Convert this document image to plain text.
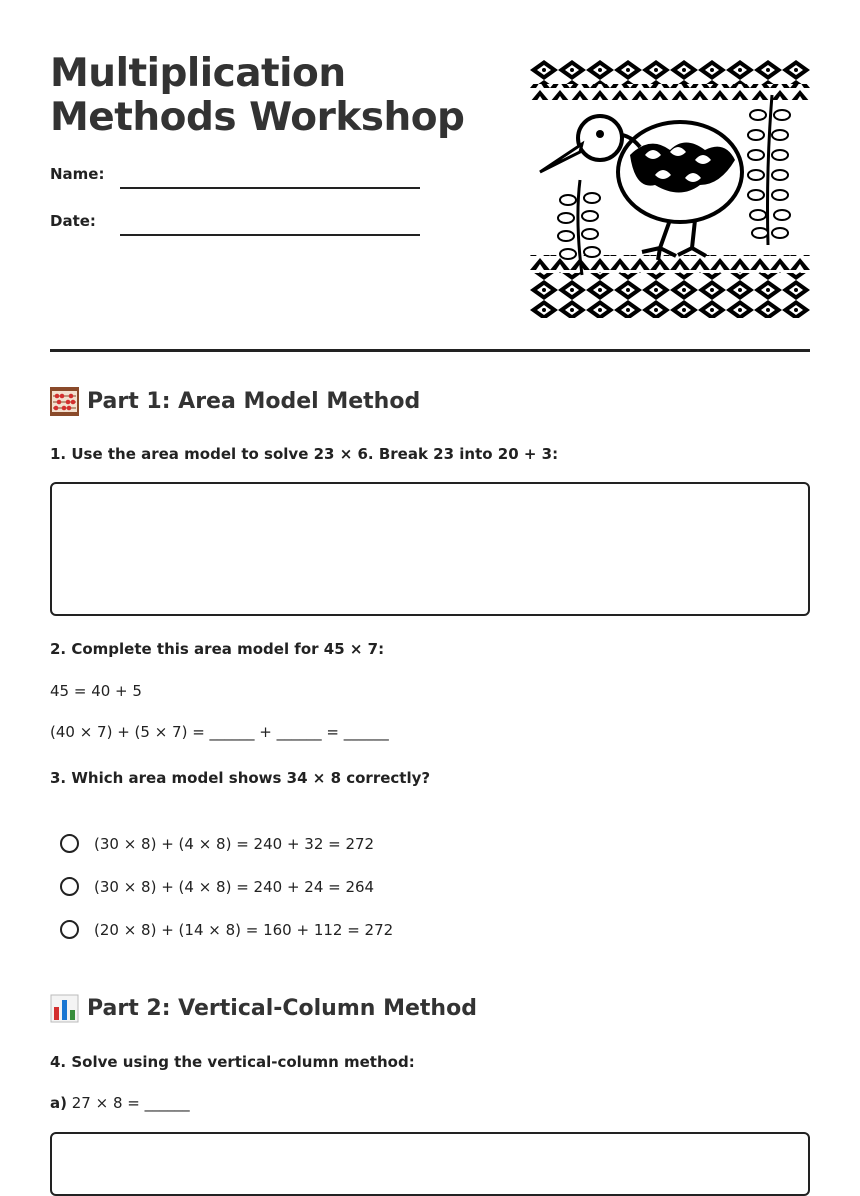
Multiplication Methods Workshop
Name:
Date:
Part 1: Area Model Method
1. Use the area model to solve 23 × 6. Break 23 into 20 + 3:
2. Complete this area model for 45 × 7:
45 = 40 + 5
(40 × 7) + (5 × 7) = ______ + ______ = ______
3. Which area model shows 34 × 8 correctly?
(30 × 8) + (4 × 8) = 240 + 32 = 272
(30 × 8) + (4 × 8) = 240 + 24 = 264
(20 × 8) + (14 × 8) = 160 + 112 = 272
Part 2: Vertical-Column Method
4. Solve using the vertical-column method:
a) 27 × 8 = ______
